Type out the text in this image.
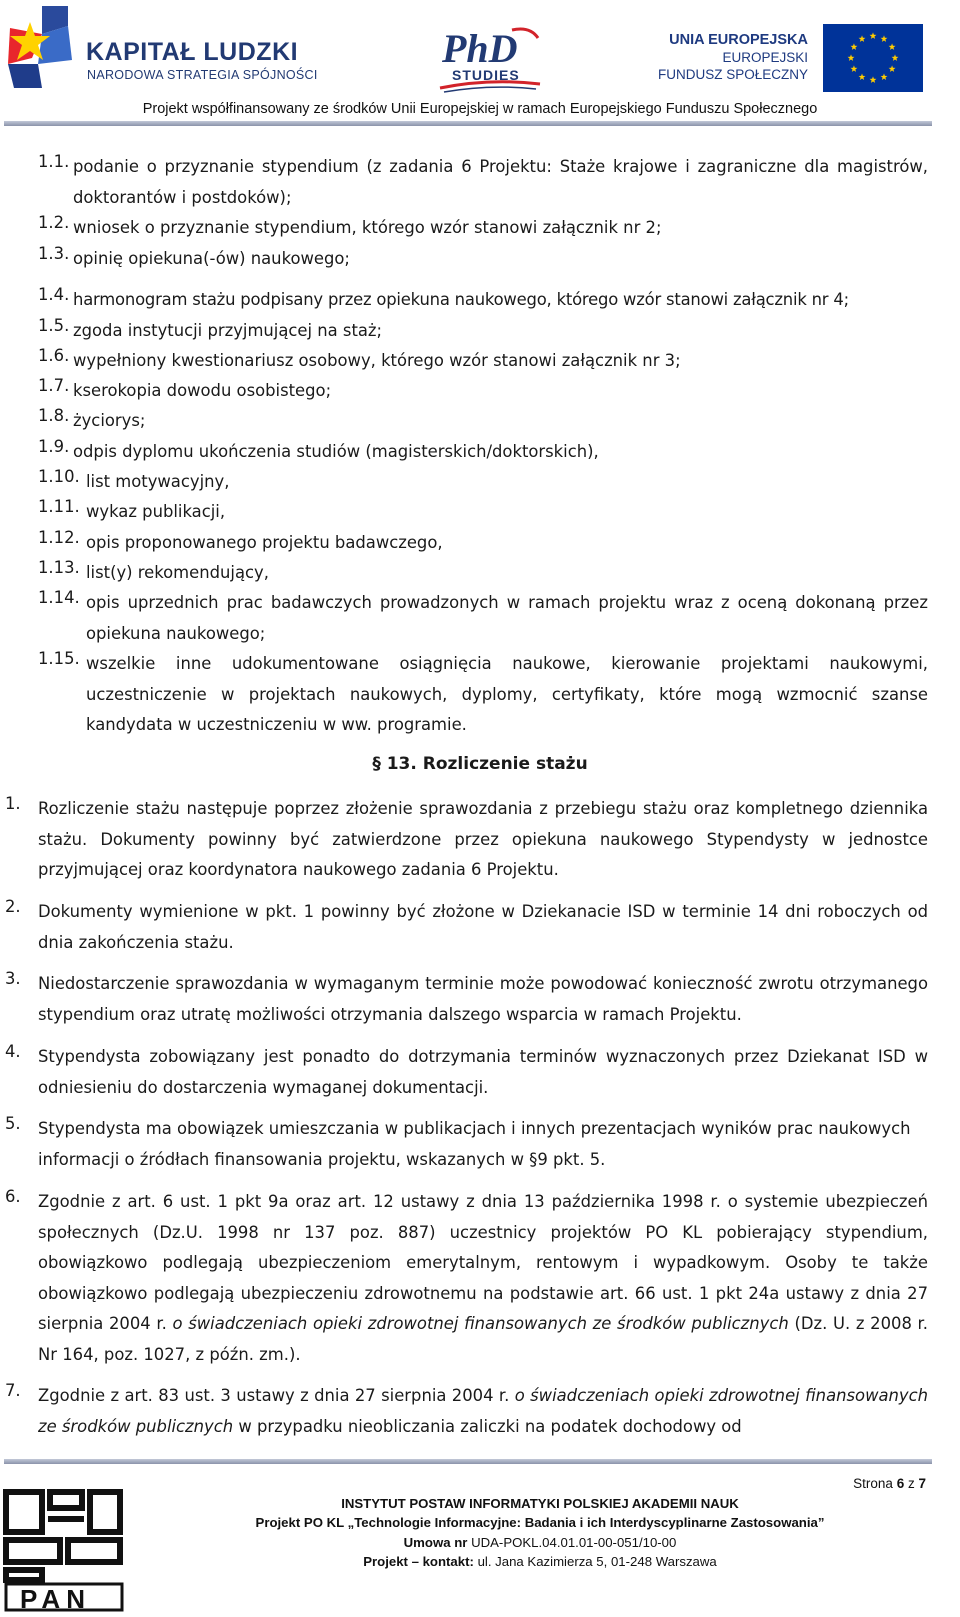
KAPITAŁ LUDZKI
NARODOWA STRATEGIA SPÓJNOŚCI
PhD
STUDIES
UNIA EUROPEJSKA
EUROPEJSKI
FUNDUSZ SPOŁECZNY
Projekt współfinansowany ze środków Unii Europejskiej w ramach Europejskiego Funduszu Społecznego
1.1. podanie o przyznanie stypendium (z zadania 6 Projektu: Staże krajowe i zagraniczne dla magistrów, doktorantów i postdoków);
1.2. wniosek o przyznanie stypendium, którego wzór stanowi załącznik nr 2;
1.3. opinię opiekuna(-ów) naukowego;
1.4. harmonogram stażu podpisany przez opiekuna naukowego, którego wzór stanowi załącznik nr 4;
1.5. zgoda instytucji przyjmującej na staż;
1.6. wypełniony kwestionariusz osobowy, którego wzór stanowi załącznik nr 3;
1.7. kserokopia dowodu osobistego;
1.8. życiorys;
1.9. odpis dyplomu ukończenia studiów (magisterskich/doktorskich),
1.10. list motywacyjny,
1.11. wykaz publikacji,
1.12. opis proponowanego projektu badawczego,
1.13. list(y) rekomendujący,
1.14. opis uprzednich prac badawczych prowadzonych w ramach projektu wraz z oceną dokonaną przez opiekuna naukowego;
1.15. wszelkie inne udokumentowane osiągnięcia naukowe, kierowanie projektami naukowymi, uczestniczenie w projektach naukowych, dyplomy, certyfikaty, które mogą wzmocnić szanse kandydata w uczestniczeniu w ww. programie.
§ 13. Rozliczenie stażu
1.	Rozliczenie stażu następuje poprzez złożenie sprawozdania z przebiegu stażu oraz kompletnego dziennika stażu. Dokumenty powinny być zatwierdzone przez opiekuna naukowego Stypendysty w jednostce przyjmującej oraz koordynatora naukowego zadania 6 Projektu.
2.	Dokumenty wymienione w pkt. 1 powinny być złożone w Dziekanacie ISD w terminie 14 dni roboczych od dnia zakończenia stażu.
3.	Niedostarczenie sprawozdania w wymaganym terminie może powodować konieczność zwrotu otrzymanego stypendium oraz utratę możliwości otrzymania dalszego wsparcia w ramach Projektu.
4.	Stypendysta zobowiązany jest ponadto do dotrzymania terminów wyznaczonych przez Dziekanat ISD w odniesieniu do dostarczenia wymaganej dokumentacji.
5.	Stypendysta ma obowiązek umieszczania w publikacjach i innych prezentacjach wyników prac naukowych informacji o źródłach finansowania projektu, wskazanych w §9 pkt. 5.
6.	Zgodnie z art. 6 ust. 1 pkt 9a oraz art. 12 ustawy z dnia 13 października 1998 r. o systemie ubezpieczeń społecznych (Dz.U. 1998 nr 137 poz. 887) uczestnicy projektów PO KL pobierający stypendium, obowiązkowo podlegają ubezpieczeniom emerytalnym, rentowym i wypadkowym. Osoby te także obowiązkowo podlegają ubezpieczeniu zdrowotnemu na podstawie art. 66 ust. 1 pkt 24a ustawy z dnia 27 sierpnia 2004 r. o świadczeniach opieki zdrowotnej finansowanych ze środków publicznych (Dz. U. z 2008 r. Nr 164, poz. 1027, z późn. zm.).
7.	Zgodnie z art. 83 ust. 3 ustawy z dnia 27 sierpnia 2004 r. o świadczeniach opieki zdrowotnej finansowanych ze środków publicznych w przypadku nieobliczania zaliczki na podatek dochodowy od
Strona 6 z 7
PAN
INSTYTUT POSTAW INFORMATYKI POLSKIEJ AKADEMII NAUK
Projekt PO KL „Technologie Informacyjne: Badania i ich Interdyscyplinarne Zastosowania”
Umowa nr UDA-POKL.04.01.01-00-051/10-00
Projekt – kontakt: ul. Jana Kazimierza 5, 01-248 Warszawa
